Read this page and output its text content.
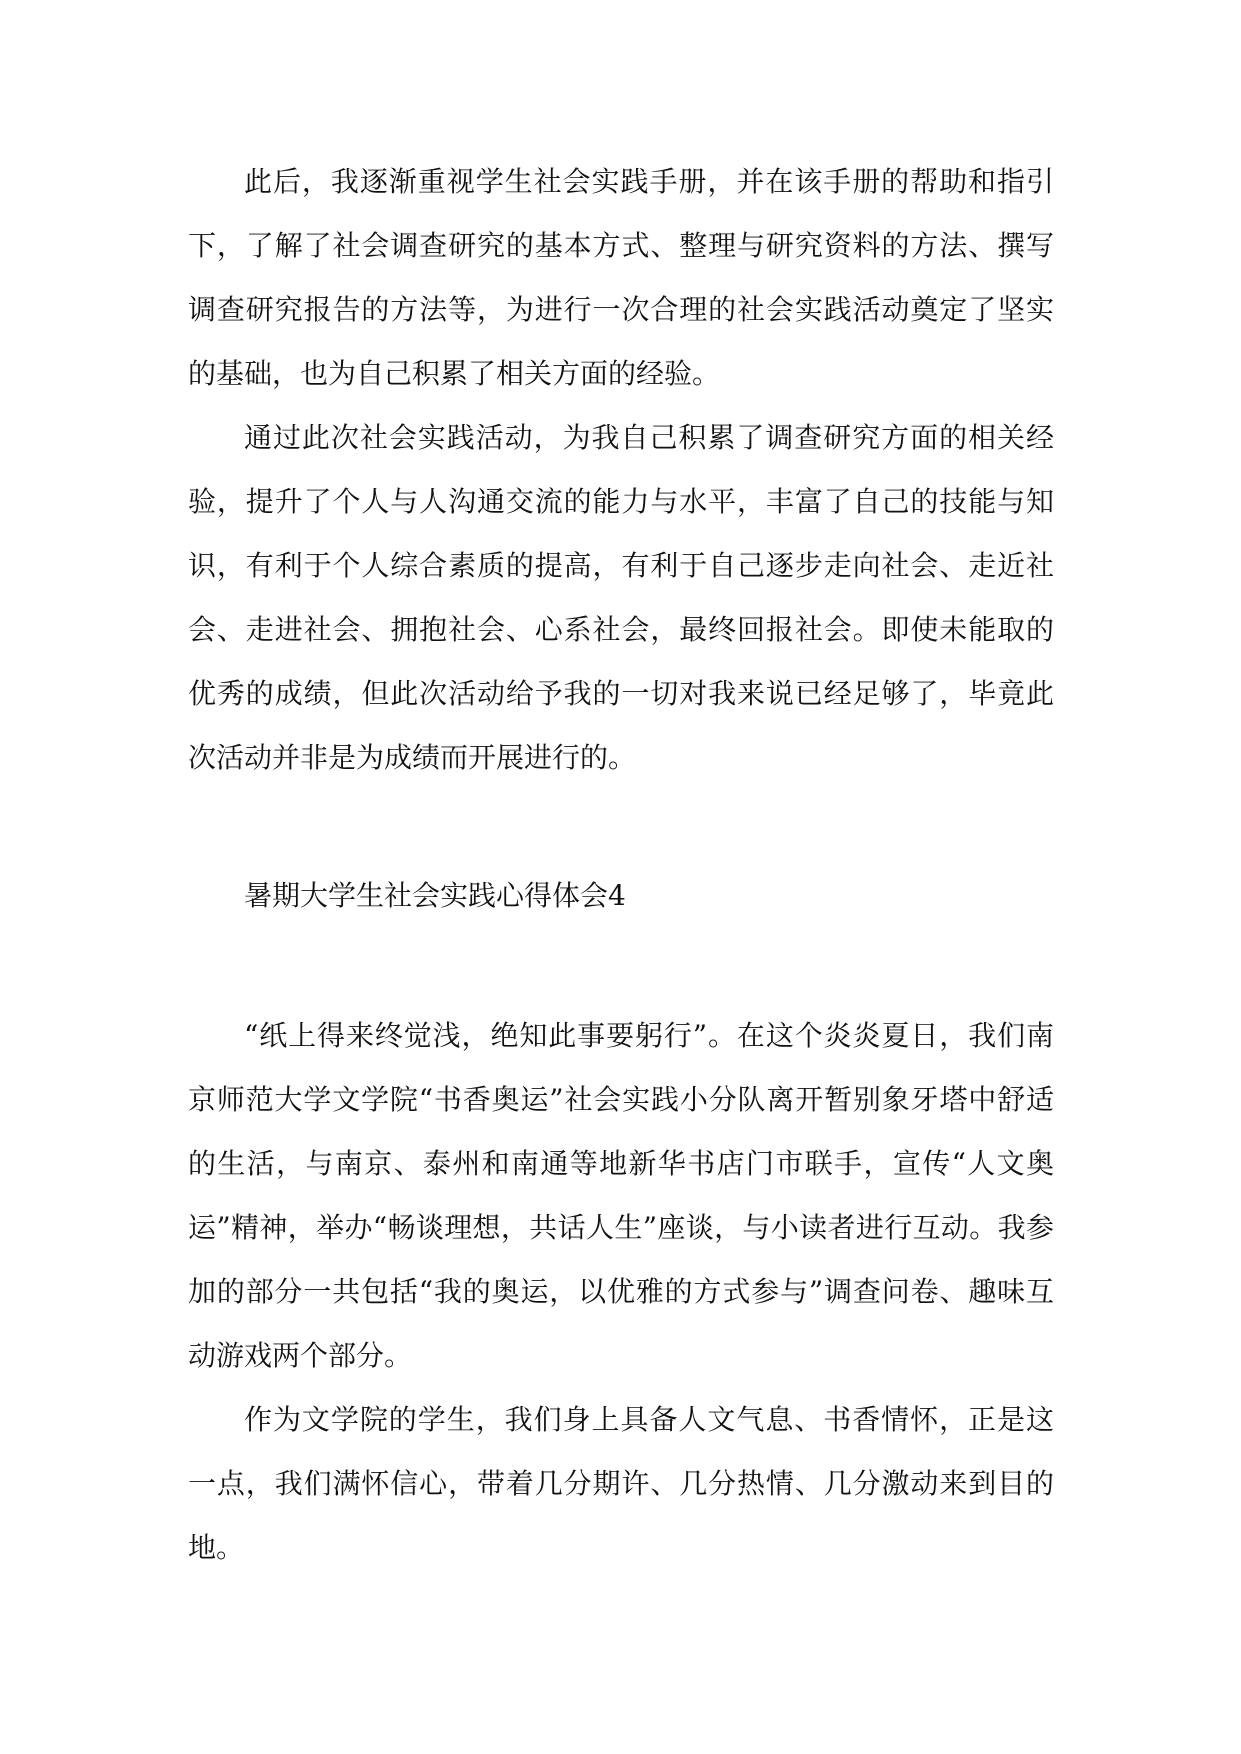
此后，我逐渐重视学生社会实践手册，并在该手册的帮助和指引下，了解了社会调查研究的基本方式、整理与研究资料的方法、撰写调查研究报告的方法等，为进行一次合理的社会实践活动奠定了坚实的基础，也为自己积累了相关方面的经验。

通过此次社会实践活动，为我自己积累了调查研究方面的相关经验，提升了个人与人沟通交流的能力与水平，丰富了自己的技能与知识，有利于个人综合素质的提高，有利于自己逐步走向社会、走近社会、走进社会、拥抱社会、心系社会，最终回报社会。即使未能取的优秀的成绩，但此次活动给予我的一切对我来说已经足够了，毕竟此次活动并非是为成绩而开展进行的。

暑期大学生社会实践心得体会4

“纸上得来终觉浅，绝知此事要躬行”。在这个炎炎夏日，我们南京师范大学文学院“书香奥运”社会实践小分队离开暂别象牙塔中舒适的生活，与南京、泰州和南通等地新华书店门市联手，宣传“人文奥运”精神，举办“畅谈理想，共话人生”座谈，与小读者进行互动。我参加的部分一共包括“我的奥运，以优雅的方式参与”调查问卷、趣味互动游戏两个部分。

作为文学院的学生，我们身上具备人文气息、书香情怀，正是这一点，我们满怀信心，带着几分期许、几分热情、几分激动来到目的地。
